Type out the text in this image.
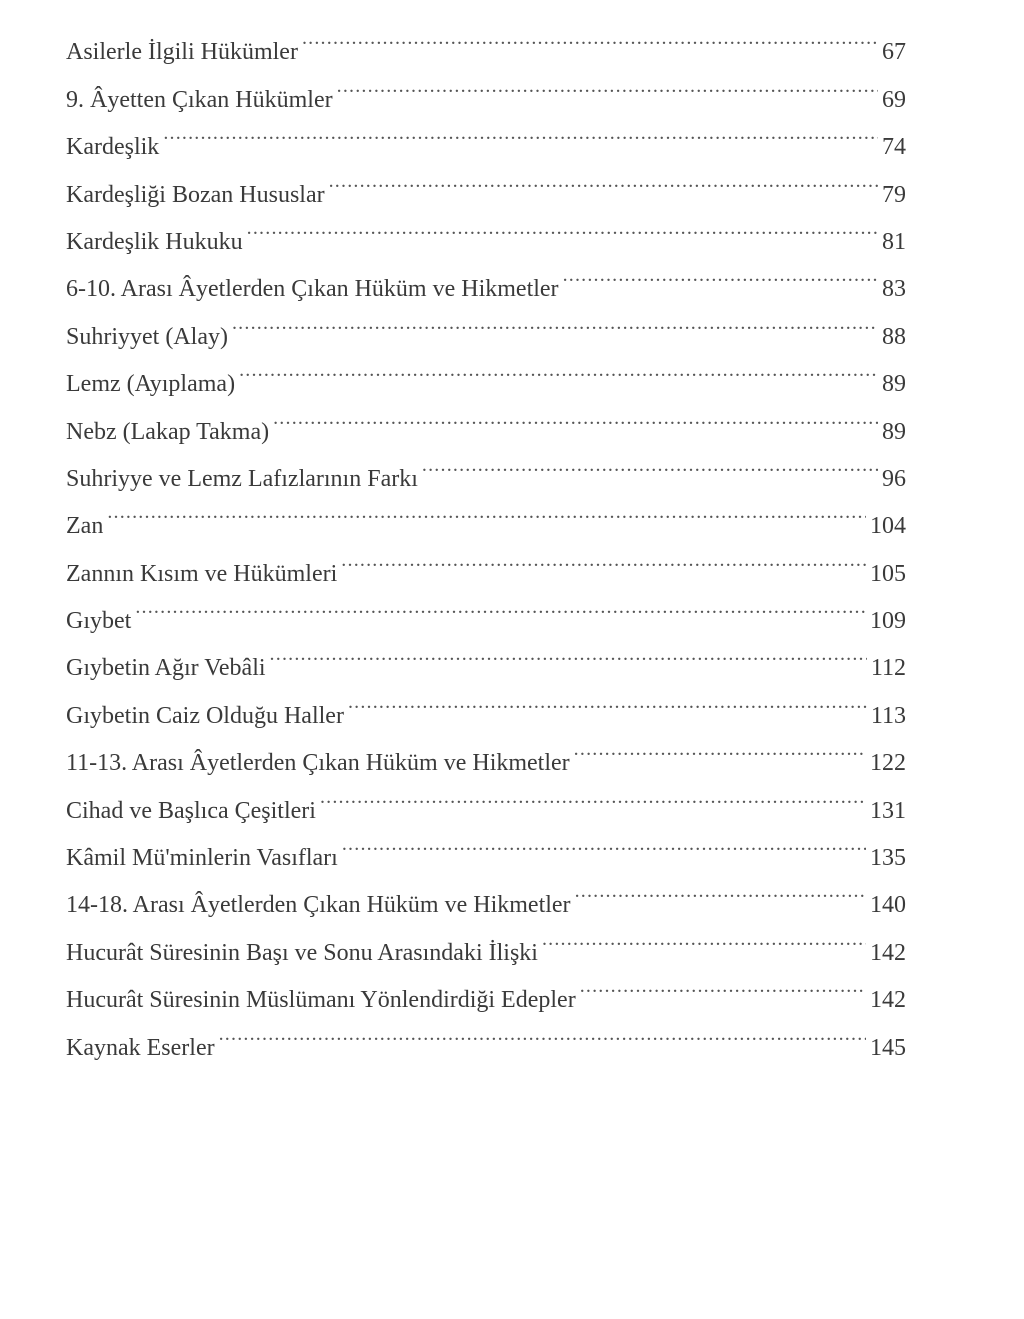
Asilerle İlgili Hükümler .....	67
9. Âyetten Çıkan Hükümler .....	69
Kardeşlik .....	74
Kardeşliği Bozan Hususlar .....	79
Kardeşlik Hukuku .....	81
6-10. Arası Âyetlerden Çıkan Hüküm ve Hikmetler .....	83
Suhriyyet (Alay) .....	88
Lemz (Ayıplama) .....	89
Nebz (Lakap Takma) .....	89
Suhriyye ve Lemz Lafızlarının Farkı .....	96
Zan .....	104
Zannın Kısım ve Hükümleri .....	105
Gıybet .....	109
Gıybetin Ağır Vebâli .....	112
Gıybetin Caiz Olduğu Haller .....	113
11-13. Arası Âyetlerden Çıkan Hüküm ve Hikmetler .....	122
Cihad ve Başlıca Çeşitleri .....	131
Kâmil Mü'minlerin Vasıfları .....	135
14-18. Arası Âyetlerden Çıkan Hüküm ve Hikmetler .....	140
Hucurât Süresinin Başı ve Sonu Arasındaki İlişki .....	142
Hucurât Süresinin Müslümanı Yönlendirdiği Edepler .....	142
Kaynak Eserler .....	145
